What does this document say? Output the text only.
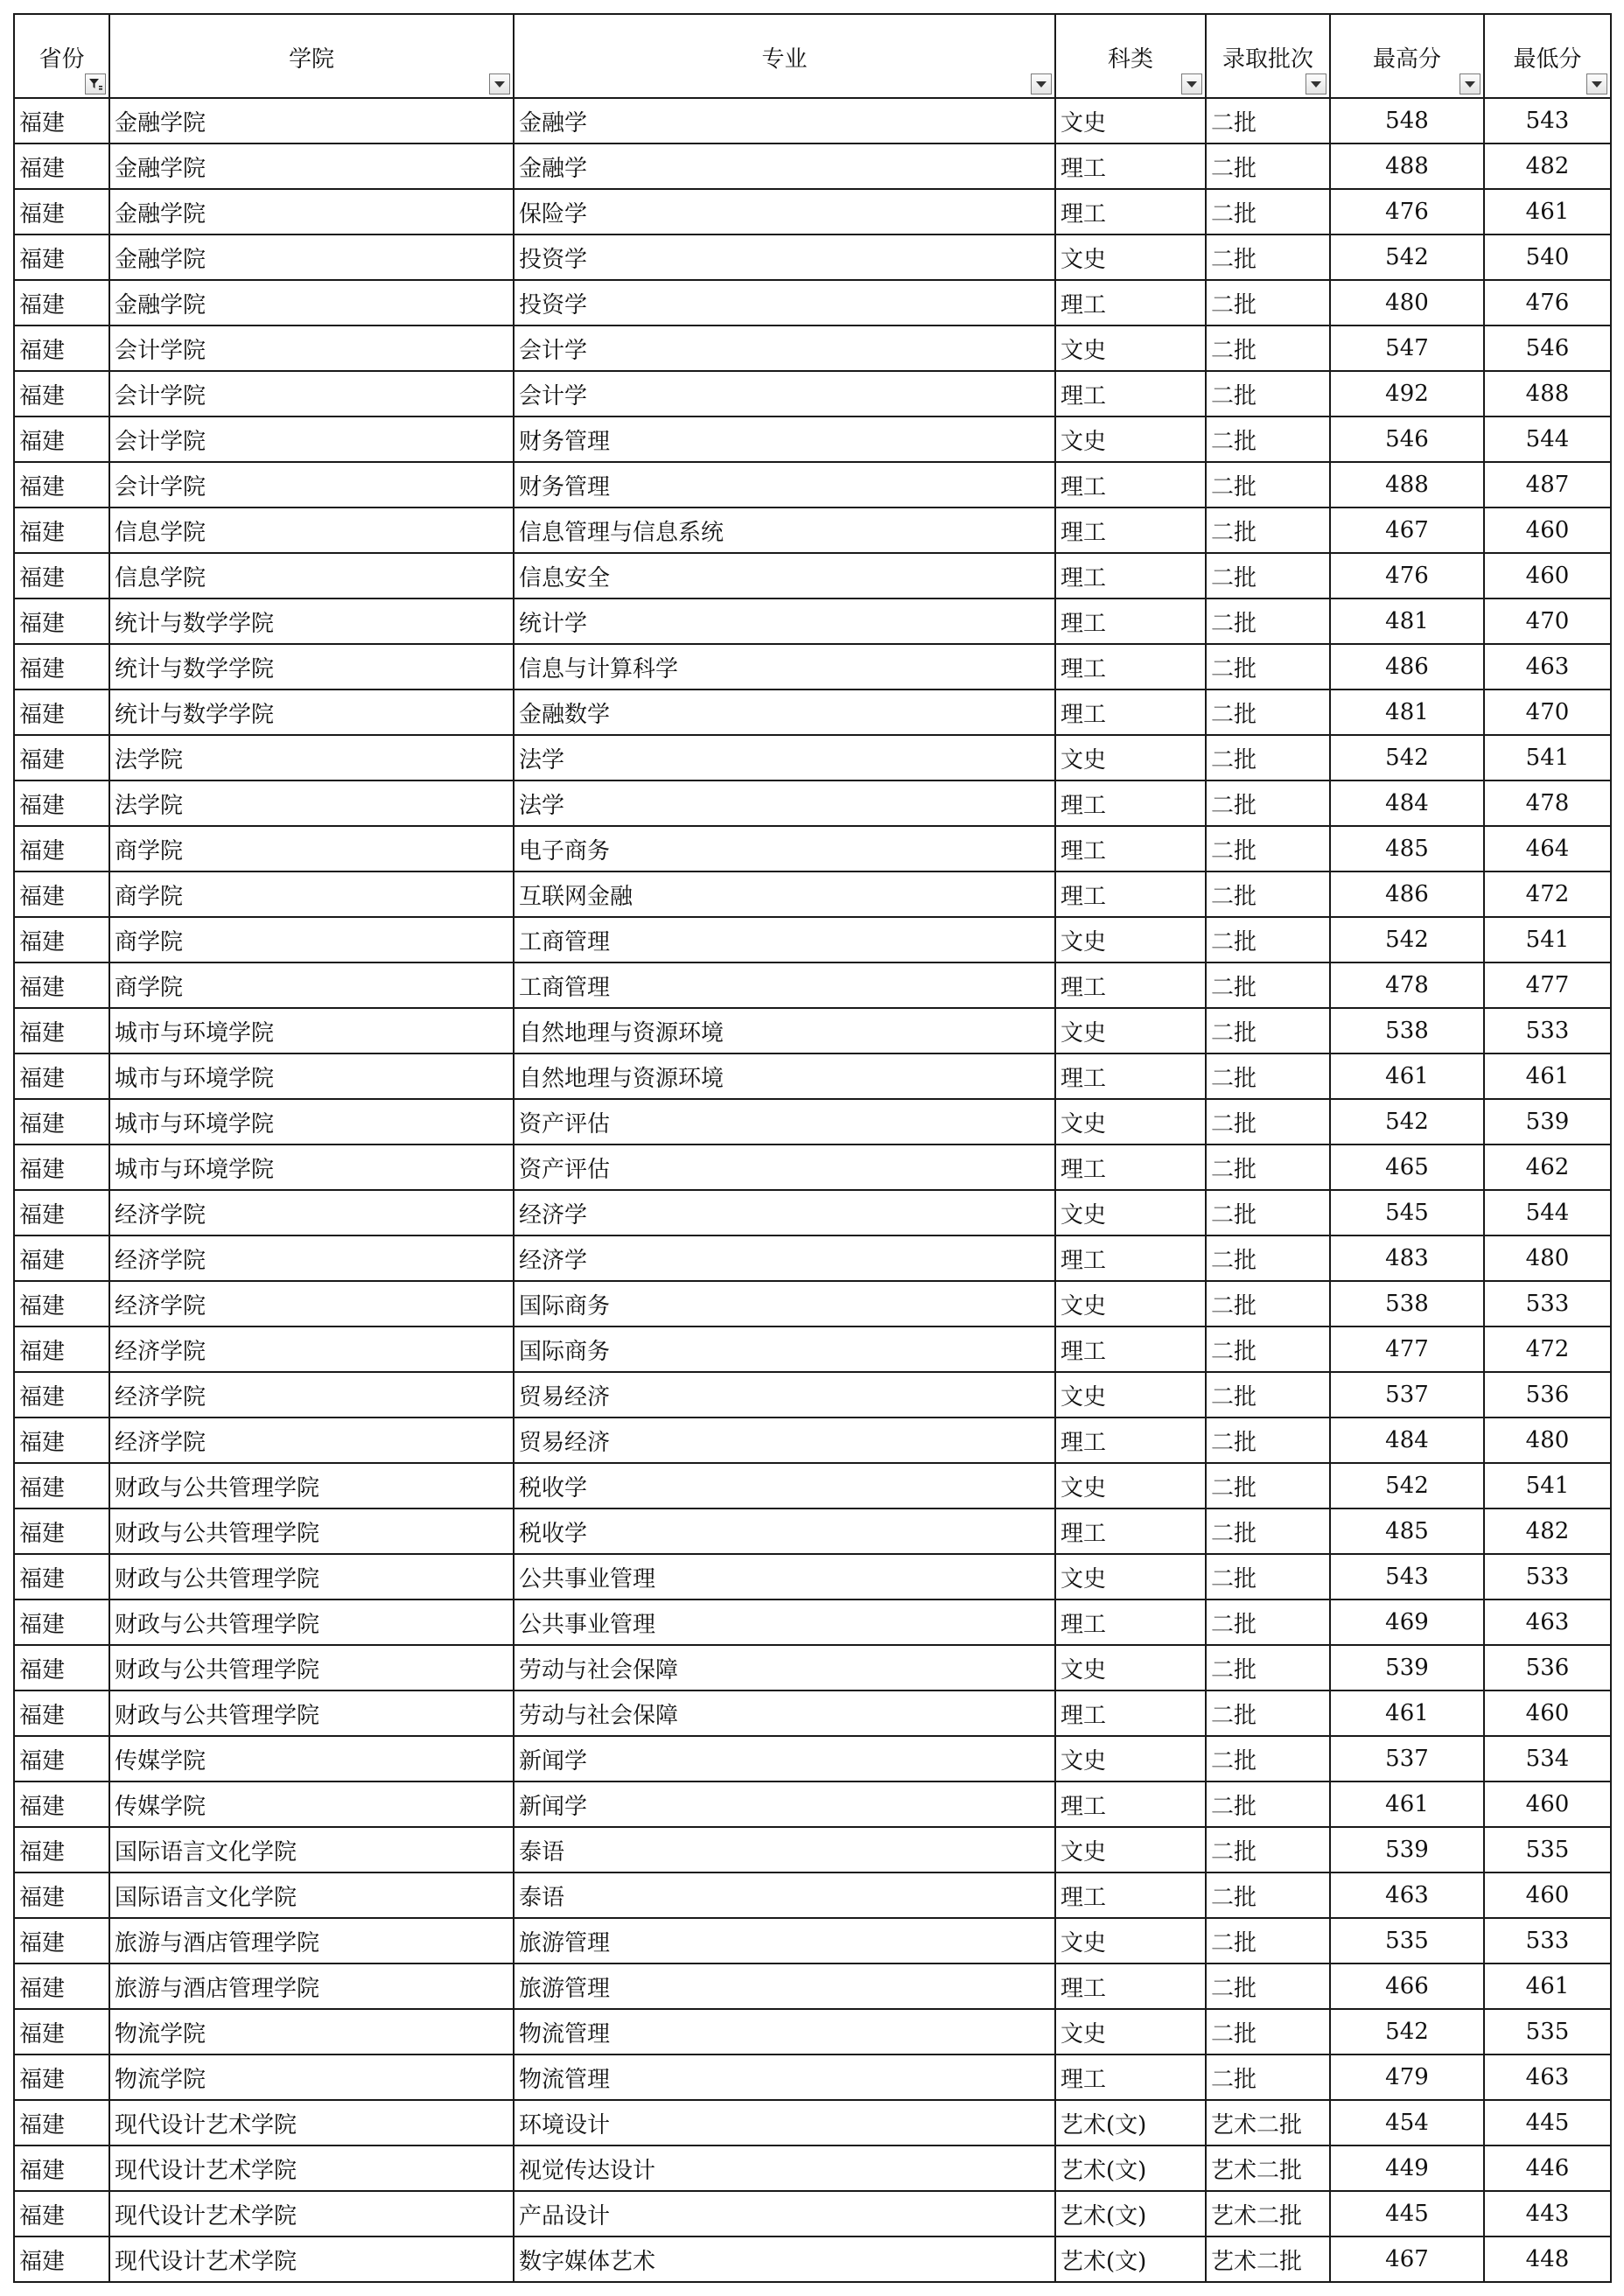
省份	学院	专业	科类	录取批次	最高分	最低分

福建	金融学院	金融学	文史	二批	548	543
福建	金融学院	金融学	理工	二批	488	482
福建	金融学院	保险学	理工	二批	476	461
福建	金融学院	投资学	文史	二批	542	540
福建	金融学院	投资学	理工	二批	480	476
福建	会计学院	会计学	文史	二批	547	546
福建	会计学院	会计学	理工	二批	492	488
福建	会计学院	财务管理	文史	二批	546	544
福建	会计学院	财务管理	理工	二批	488	487
福建	信息学院	信息管理与信息系统	理工	二批	467	460
福建	信息学院	信息安全	理工	二批	476	460
福建	统计与数学学院	统计学	理工	二批	481	470
福建	统计与数学学院	信息与计算科学	理工	二批	486	463
福建	统计与数学学院	金融数学	理工	二批	481	470
福建	法学院	法学	文史	二批	542	541
福建	法学院	法学	理工	二批	484	478
福建	商学院	电子商务	理工	二批	485	464
福建	商学院	互联网金融	理工	二批	486	472
福建	商学院	工商管理	文史	二批	542	541
福建	商学院	工商管理	理工	二批	478	477
福建	城市与环境学院	自然地理与资源环境	文史	二批	538	533
福建	城市与环境学院	自然地理与资源环境	理工	二批	461	461
福建	城市与环境学院	资产评估	文史	二批	542	539
福建	城市与环境学院	资产评估	理工	二批	465	462
福建	经济学院	经济学	文史	二批	545	544
福建	经济学院	经济学	理工	二批	483	480
福建	经济学院	国际商务	文史	二批	538	533
福建	经济学院	国际商务	理工	二批	477	472
福建	经济学院	贸易经济	文史	二批	537	536
福建	经济学院	贸易经济	理工	二批	484	480
福建	财政与公共管理学院	税收学	文史	二批	542	541
福建	财政与公共管理学院	税收学	理工	二批	485	482
福建	财政与公共管理学院	公共事业管理	文史	二批	543	533
福建	财政与公共管理学院	公共事业管理	理工	二批	469	463
福建	财政与公共管理学院	劳动与社会保障	文史	二批	539	536
福建	财政与公共管理学院	劳动与社会保障	理工	二批	461	460
福建	传媒学院	新闻学	文史	二批	537	534
福建	传媒学院	新闻学	理工	二批	461	460
福建	国际语言文化学院	泰语	文史	二批	539	535
福建	国际语言文化学院	泰语	理工	二批	463	460
福建	旅游与酒店管理学院	旅游管理	文史	二批	535	533
福建	旅游与酒店管理学院	旅游管理	理工	二批	466	461
福建	物流学院	物流管理	文史	二批	542	535
福建	物流学院	物流管理	理工	二批	479	463
福建	现代设计艺术学院	环境设计	艺术(文)	艺术二批	454	445
福建	现代设计艺术学院	视觉传达设计	艺术(文)	艺术二批	449	446
福建	现代设计艺术学院	产品设计	艺术(文)	艺术二批	445	443
福建	现代设计艺术学院	数字媒体艺术	艺术(文)	艺术二批	467	448
